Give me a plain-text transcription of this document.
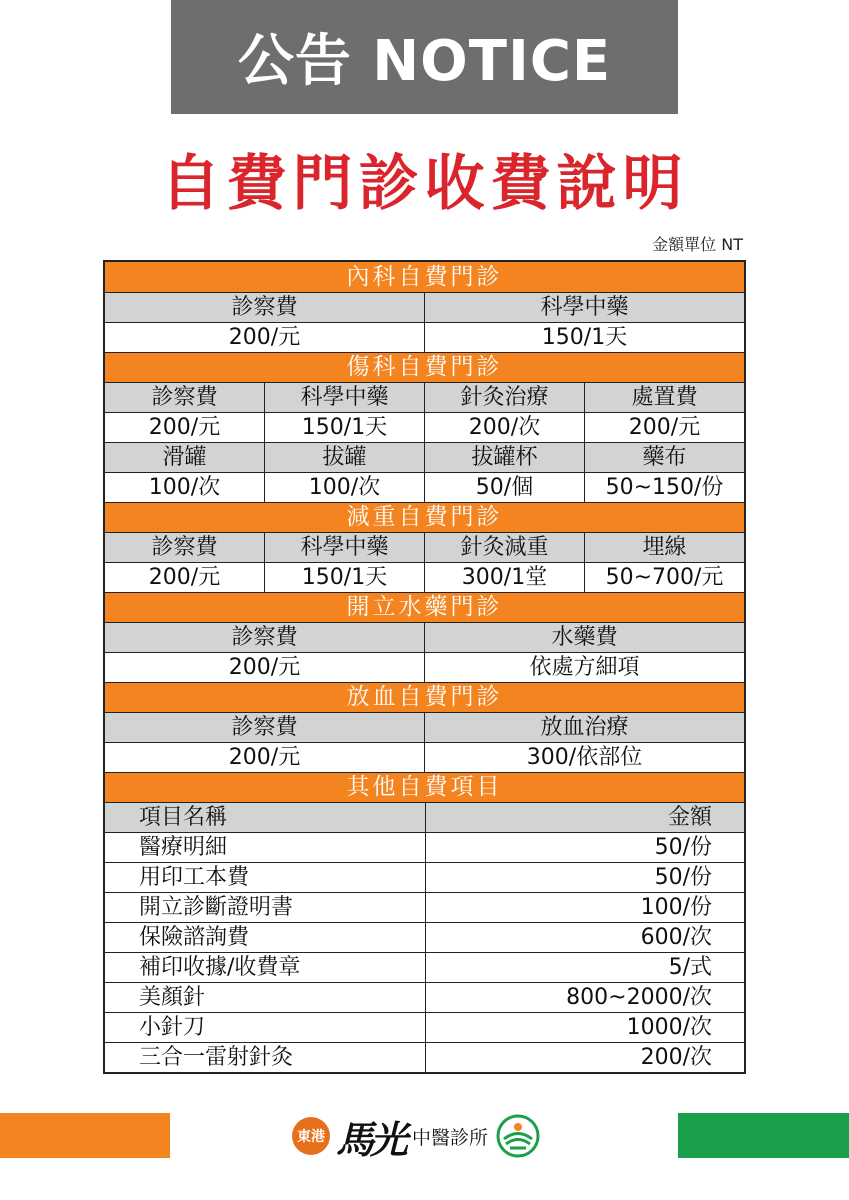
公告 NOTICE
自費門診收費說明
金額單位 NT
內科自費門診
診察費	科學中藥
200/元	150/1天
傷科自費門診
診察費	科學中藥	針灸治療	處置費
200/元	150/1天	200/次	200/元
滑罐	拔罐	拔罐杯	藥布
100/次	100/次	50/個	50~150/份
減重自費門診
診察費	科學中藥	針灸減重	埋線
200/元	150/1天	300/1堂	50~700/元
開立水藥門診
診察費	水藥費
200/元	依處方細項
放血自費門診
診察費	放血治療
200/元	300/依部位
其他自費項目
項目名稱	金額
醫療明細	50/份
用印工本費	50/份
開立診斷證明書	100/份
保險諮詢費	600/次
補印收據/收費章	5/式
美顏針	800~2000/次
小針刀	1000/次
三合一雷射針灸	200/次
東港 馬光 中醫診所
